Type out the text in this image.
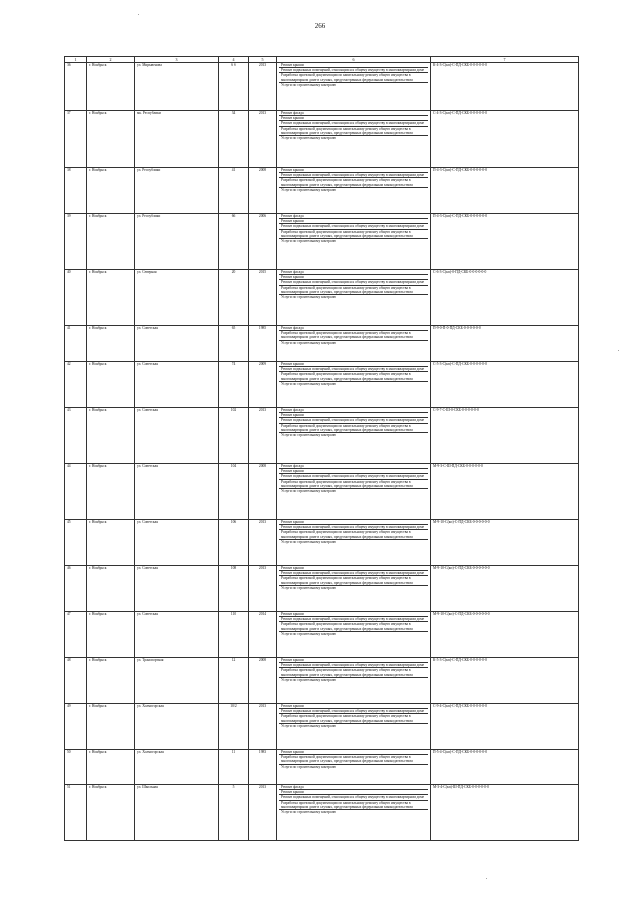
266
1	2	3	4	5	6	7
36	г. Ноябрьск	ул. Мирывенова	6 б	2013	Ремонт крыши
Ремонт подвальных помещений, относящихся к общему имуществу в многоквартирном доме
Разработка проектной документации по капитальному ремонту общего имущества в многоквартирном доме в случаях, предусмотренных федеральным законодательством
Услуги по строительному контролю	К-4-3-С(кп)-С-ПД-СКБ-0-0-0-0-0-0
37	г. Ноябрьск	мк. Республики	34	2013	Ремонт фасада
Ремонт крыши
Ремонт подвальных помещений, относящихся к общему имуществу в многоквартирном доме
Разработка проектной документации по капитальному ремонту общего имущества в многоквартирном доме в случаях, предусмотренных федеральным законодательством
Услуги по строительному контролю	С-4-3-С(кп)-С-ПД-СКБ-0-0-0-0-0-0
38	г. Ноябрьск	ул. Республики	41	2008	Ремонт крыши
Ремонт подвальных помещений, относящихся к общему имуществу в многоквартирном доме
Разработка проектной документации по капитальному ремонту общего имущества в многоквартирном доме в случаях, предусмотренных федеральным законодательством
Услуги по строительному контролю	П-4-3-С(кп)-С-ПД-СКБ-0-0-0-0-0-0
39	г. Ноябрьск	ул. Республики	66	2006	Ремонт фасада
Ремонт крыши
Ремонт подвальных помещений, относящихся к общему имуществу в многоквартирном доме
Разработка проектной документации по капитальному ремонту общего имущества в многоквартирном доме в случаях, предусмотренных федеральным законодательством
Услуги по строительному контролю	П-4-3-С(кп)-С-ПД-СКБ-0-0-0-0-0-0
40	г. Ноябрьск	ул. Северная	20	2015	Ремонт фасада
Ремонт крыши
Ремонт подвальных помещений, относящихся к общему имуществу в многоквартирном доме
Разработка проектной документации по капитальному ремонту общего имущества в многоквартирном доме в случаях, предусмотренных федеральным законодательством
Услуги по строительному контролю	С-6-3-С(кп)-0-ПД-СКБ-0-0-0-0-0-0
41	г. Ноябрьск	ул. Советская	65	1985	Ремонт фасада
Разработка проектной документации по капитальному ремонту общего имущества в многоквартирном доме в случаях, предусмотренных федеральным законодательством
Услуги по строительному контролю	П-9-0-П-0-ПД-СКБ-0-0-0-0-0-0
42	г. Ноябрьск	ул. Советская	74	2009	Ремонт крыши
Ремонт подвальных помещений, относящихся к общему имуществу в многоквартирном доме
Разработка проектной документации по капитальному ремонту общего имущества в многоквартирном доме в случаях, предусмотренных федеральным законодательством
Услуги по строительному контролю	С-5-3-С(кп)-С-ПД-СКБ-0-0-0-0-0-0
43	г. Ноябрьск	ул. Советская	102	2013	Ремонт фасада
Ремонт крыши
Ремонт подвальных помещений, относящихся к общему имуществу в многоквартирном доме
Разработка проектной документации по капитальному ремонту общего имущества в многоквартирном доме в случаях, предусмотренных федеральным законодательством
Услуги по строительному контролю	С-9-7-С-Ш-0-СКБ-0-0-0-0-0-0
44	г. Ноябрьск	ул. Советская	104	2008	Ремонт фасада
Ремонт крыши
Ремонт подвальных помещений, относящихся к общему имуществу в многоквартирном доме
Разработка проектной документации по капитальному ремонту общего имущества в многоквартирном доме в случаях, предусмотренных федеральным законодательством
Услуги по строительному контролю	М-9-3-С-Ш-ПД-СКБ-0-0-0-0-0-0
45	г. Ноябрьск	ул. Советская	106	2013	Ремонт крыши
Ремонт подвальных помещений, относящихся к общему имуществу в многоквартирном доме
Разработка проектной документации по капитальному ремонту общего имущества в многоквартирном доме в случаях, предусмотренных федеральным законодательством
Услуги по строительному контролю	М-9-10-С(кп)-С-ПД-СКБ-0-0-0-0-0-0
46	г. Ноябрьск	ул. Советская	108	2013	Ремонт крыши
Ремонт подвальных помещений, относящихся к общему имуществу в многоквартирном доме
Разработка проектной документации по капитальному ремонту общего имущества в многоквартирном доме в случаях, предусмотренных федеральным законодательством
Услуги по строительному контролю	М-9-10-С(кп)-С-ПД-СКБ-0-0-0-0-0-0
47	г. Ноябрьск	ул. Советская	110	2014	Ремонт крыши
Ремонт подвальных помещений, относящихся к общему имуществу в многоквартирном доме
Разработка проектной документации по капитальному ремонту общего имущества в многоквартирном доме в случаях, предусмотренных федеральным законодательством
Услуги по строительному контролю	М-9-10-С(кп)-С-ПД-СКБ-0-0-0-0-0-0
48	г. Ноябрьск	ул. Транспортная	12	2008	Ремонт крыши
Ремонт подвальных помещений, относящихся к общему имуществу в многоквартирном доме
Разработка проектной документации по капитальному ремонту общего имущества в многоквартирном доме в случаях, предусмотренных федеральным законодательством
Услуги по строительному контролю	К-5-3-С(кп)-С-ПД-СКБ-0-0-0-0-0-0
49	г. Ноябрьск	ул. Холмогорская	10/2	2013	Ремонт крыши
Ремонт подвальных помещений, относящихся к общему имуществу в многоквартирном доме
Разработка проектной документации по капитальному ремонту общего имущества в многоквартирном доме в случаях, предусмотренных федеральным законодательством
Услуги по строительному контролю	С-9-4-С(кп)-С-ПД-СКБ-0-0-0-0-0-0
50	г. Ноябрьск	ул. Холмогорская	11	1983	Ремонт крыши
Разработка проектной документации по капитальному ремонту общего имущества в многоквартирном доме в случаях, предусмотренных федеральным законодательством
Услуги по строительному контролю	П-5-4-С(кп)-С-ПД-СКБ-0-0-0-0-0-0
51	г. Ноябрьск	ул. Школьная	5	2013	Ремонт фасада
Ремонт крыши
Ремонт подвальных помещений, относящихся к общему имуществу в многоквартирном доме
Разработка проектной документации по капитальному ремонту общего имущества в многоквартирном доме в случаях, предусмотренных федеральным законодательством
Услуги по строительному контролю	М-3-4-С(кп)-Ш-ПД-СКБ-0-0-0-0-0-0
